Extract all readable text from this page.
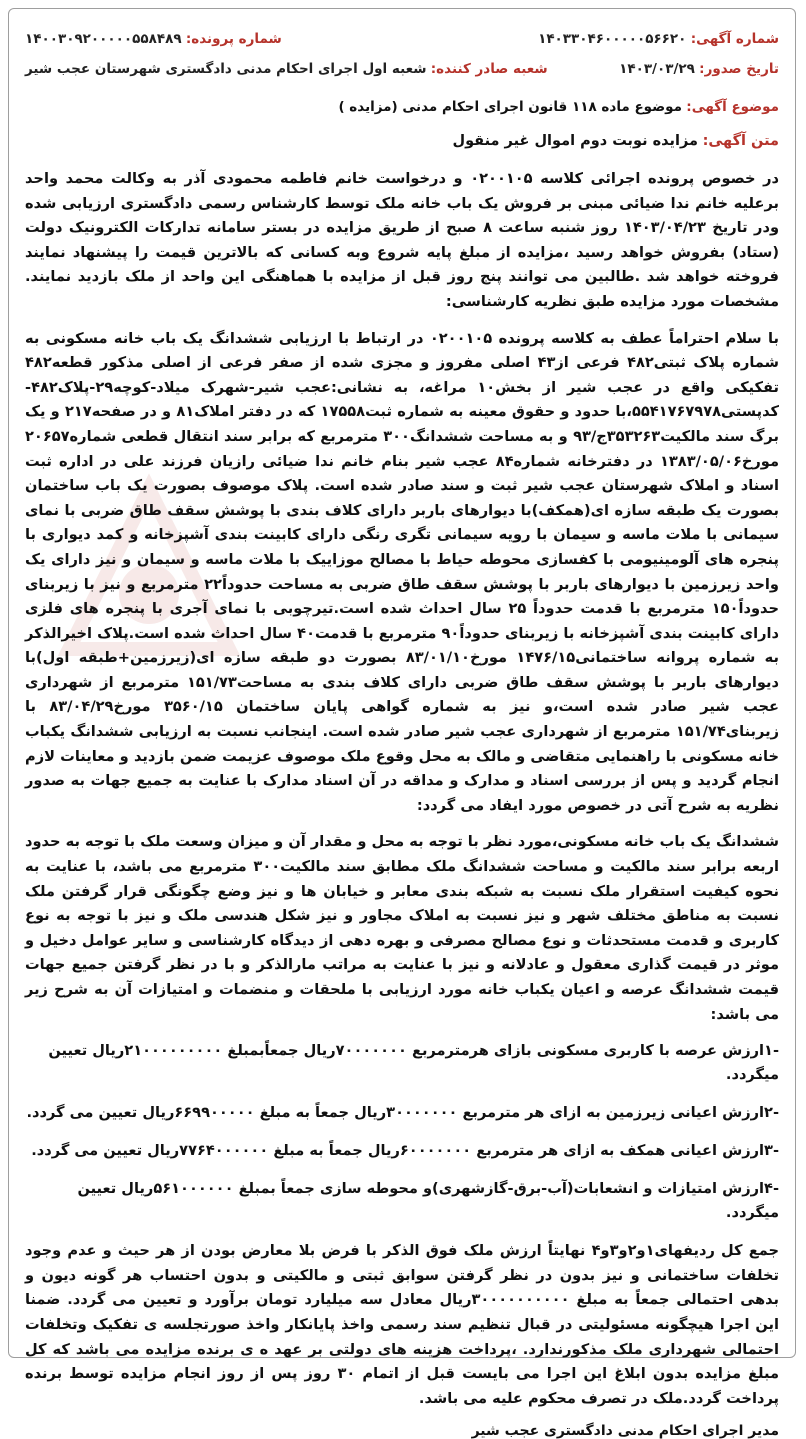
شماره آگهی: ۱۴۰۳۳۰۴۶۰۰۰۰۰۵۶۶۲۰
شماره پرونده: ۱۴۰۰۳۰۹۲۰۰۰۰۰۵۵۸۴۸۹
تاریخ صدور: ۱۴۰۳/۰۳/۲۹
شعبه صادر کننده: شعبه اول اجرای احکام مدنی دادگستری شهرستان عجب شیر
موضوع آگهی: موضوع ماده ۱۱۸ قانون اجرای احکام مدنی (مزایده )
متن آگهی: مزایده نوبت دوم اموال غیر منقول

در خصوص پرونده اجرائی کلاسه ۰۲۰۰۱۰۵ و درخواست خانم فاطمه محمودی آذر به وکالت محمد واحد برعلیه خانم ندا ضیائی مبنی بر فروش یک باب خانه ملک توسط کارشناس رسمی دادگستری ارزیابی شده ودر تاریخ ۱۴۰۳/۰۴/۲۳ روز شنبه ساعت ۸ صبح از طریق مزایده در بستر سامانه تدارکات الکترونیک دولت (ستاد) بفروش خواهد رسید ،مزایده از مبلغ پایه شروع وبه کسانی که بالاترین قیمت را پیشنهاد نمایند فروخته خواهد شد .طالبین می توانند پنج روز قبل از مزایده با هماهنگی این واحد از ملک بازدید نمایند. مشخصات مورد مزایده طبق نظریه کارشناسی:

با سلام احتراماً عطف به کلاسه پرونده ۰۲۰۰۱۰۵ در ارتباط با ارزیابی ششدانگ یک باب خانه مسکونی به شماره پلاک ثبتی۴۸۲ فرعی از۴۳ اصلی مفروز و مجزی شده از صفر فرعی از اصلی مذکور قطعه۴۸۲ تفکیکی واقع در عجب شیر از بخش۱۰ مراغه، به نشانی:عجب شیر-شهرک میلاد-کوچه۲۹-پلاک۴۸۲-کدپستی۵۵۴۱۷۶۷۹۷۸،با حدود و حقوق معینه به شماره ثبت۱۷۵۵۸ که در دفتر املاک۸۱ و در صفحه۲۱۷ و یک برگ سند مالکیت۳۵۳۲۶۳ج/۹۳ و به مساحت ششدانگ۳۰۰ مترمربع که برابر سند انتقال قطعی شماره۲۰۶۵۷ مورخ۱۳۸۳/۰۵/۰۶ در دفترخانه شماره۸۴ عجب شیر بنام خانم ندا ضیائی رازیان فرزند علی در اداره ثبت اسناد و املاک شهرستان عجب شیر ثبت و سند صادر شده است. پلاک موصوف بصورت یک باب ساختمان بصورت یک طبقه سازه ای(همکف)با دیوارهای باربر دارای کلاف بندی با پوشش سقف طاق ضربی با نمای سیمانی با ملات ماسه و سیمان با رویه سیمانی تگری رنگی دارای کابینت بندی آشپزخانه و کمد دیواری با پنجره های آلومینیومی با کفسازی محوطه حیاط با مصالح موزاییک با ملات ماسه و سیمان و نیز دارای یک واحد زیرزمین با دیوارهای باربر با پوشش سقف طاق ضربی به مساحت حدوداً۲۲ مترمربع و نیز با زیربنای حدوداً۱۵۰ مترمربع با قدمت حدوداً ۲۵ سال احداث شده است.تیرچوبی با نمای آجری با پنجره های فلزی دارای کابینت بندی آشپزخانه با زیربنای حدوداً۹۰ مترمربع با قدمت۴۰ سال احداث شده است.پلاک اخیرالذکر به شماره پروانه ساختمانی۱۴۷۶/۱۵ مورخ۸۳/۰۱/۱۰ بصورت دو طبقه سازه ای(زیرزمین+طبقه اول)با دیوارهای باربر با پوشش سقف طاق ضربی دارای کلاف بندی به مساحت۱۵۱/۷۳ مترمربع از شهرداری عجب شیر صادر شده است،و نیز به شماره گواهی پایان ساختمان ۳۵۶۰/۱۵ مورخ۸۳/۰۴/۲۹ با زیربنای۱۵۱/۷۴ مترمربع از شهرداری عجب شیر صادر شده است. اینجانب نسبت به ارزیابی ششدانگ یکباب خانه مسکونی با راهنمایی متقاضی و مالک به محل وقوع ملک موصوف عزیمت ضمن بازدید و معاینات لازم انجام گردید و پس از بررسی اسناد و مدارک و مداقه در آن اسناد مدارک با عنایت به جمیع جهات به صدور نظریه به شرح آتی در خصوص مورد ایفاد می گردد:

ششدانگ یک باب خانه مسکونی،مورد نظر با توجه به محل و مقدار آن و میزان وسعت ملک با توجه به حدود اربعه برابر سند مالکیت و مساحت ششدانگ ملک مطابق سند مالکیت۳۰۰ مترمربع می باشد، با عنایت به نحوه کیفیت استقرار ملک نسبت به شبکه بندی معابر و خیابان ها و نیز وضع چگونگی قرار گرفتن ملک نسبت به مناطق مختلف شهر و نیز نسبت به املاک مجاور و نیز شکل هندسی ملک و نیز با توجه به نوع کاربری و قدمت مستحدثات و نوع مصالح مصرفی و بهره دهی از دیدگاه کارشناسی و سایر عوامل دخیل و موثر در قیمت گذاری معقول و عادلانه و نیز با عنایت به مراتب مارالذکر و با در نظر گرفتن جمیع جهات قیمت ششدانگ عرصه و اعیان یکباب خانه مورد ارزیابی با ملحقات و منضمات و امتیازات آن به شرح زیر می باشد:

-۱ارزش عرصه با کاربری مسکونی بازای هرمترمربع ۷۰۰۰۰۰۰۰ریال جمعاًبمبلغ ۲۱۰۰۰۰۰۰۰۰۰ریال تعیین میگردد.

-۲ارزش اعیانی زیرزمین به ازای هر مترمربع ۳۰۰۰۰۰۰۰ریال جمعاً به مبلغ ۶۶۹۹۰۰۰۰۰ریال تعیین می گردد.

-۳ارزش اعیانی همکف به ازای هر مترمربع ۶۰۰۰۰۰۰۰ریال جمعاً به مبلغ ۷۷۶۴۰۰۰۰۰۰ریال تعیین می گردد.

-۴ارزش امتیازات و انشعابات(آب-برق-گازشهری)و محوطه سازی جمعاً بمبلغ ۵۶۱۰۰۰۰۰۰ریال تعیین میگردد.

جمع کل ردیفهای۱و۲و۳و۴ نهایتاً ارزش ملک فوق الذکر با فرض بلا معارض بودن از هر حیث و عدم وجود تخلفات ساختمانی و نیز بدون در نظر گرفتن سوابق ثبتی و مالکیتی و بدون احتساب هر گونه دیون و بدهی احتمالی جمعاً به مبلغ ۳۰۰۰۰۰۰۰۰۰۰ریال معادل سه میلیارد تومان برآورد و تعیین می گردد. ضمنا این اجرا هیچگونه مسئولیتی در قبال تنظیم سند رسمی واخذ پایانکار واخذ صورتجلسه ی تفکیک وتخلفات احتمالی شهرداری ملک مذکورندارد. ،پرداخت هزینه های دولتی بر عهد ه ی برنده مزایده می باشد که کل مبلغ مزایده بدون ابلاغ این اجرا می بایست قبل از اتمام ۳۰ روز پس از روز انجام مزایده توسط برنده پرداخت گردد.ملک در تصرف محکوم علیه می باشد.

مدیر اجرای احکام مدنی دادگستری عجب شیر
